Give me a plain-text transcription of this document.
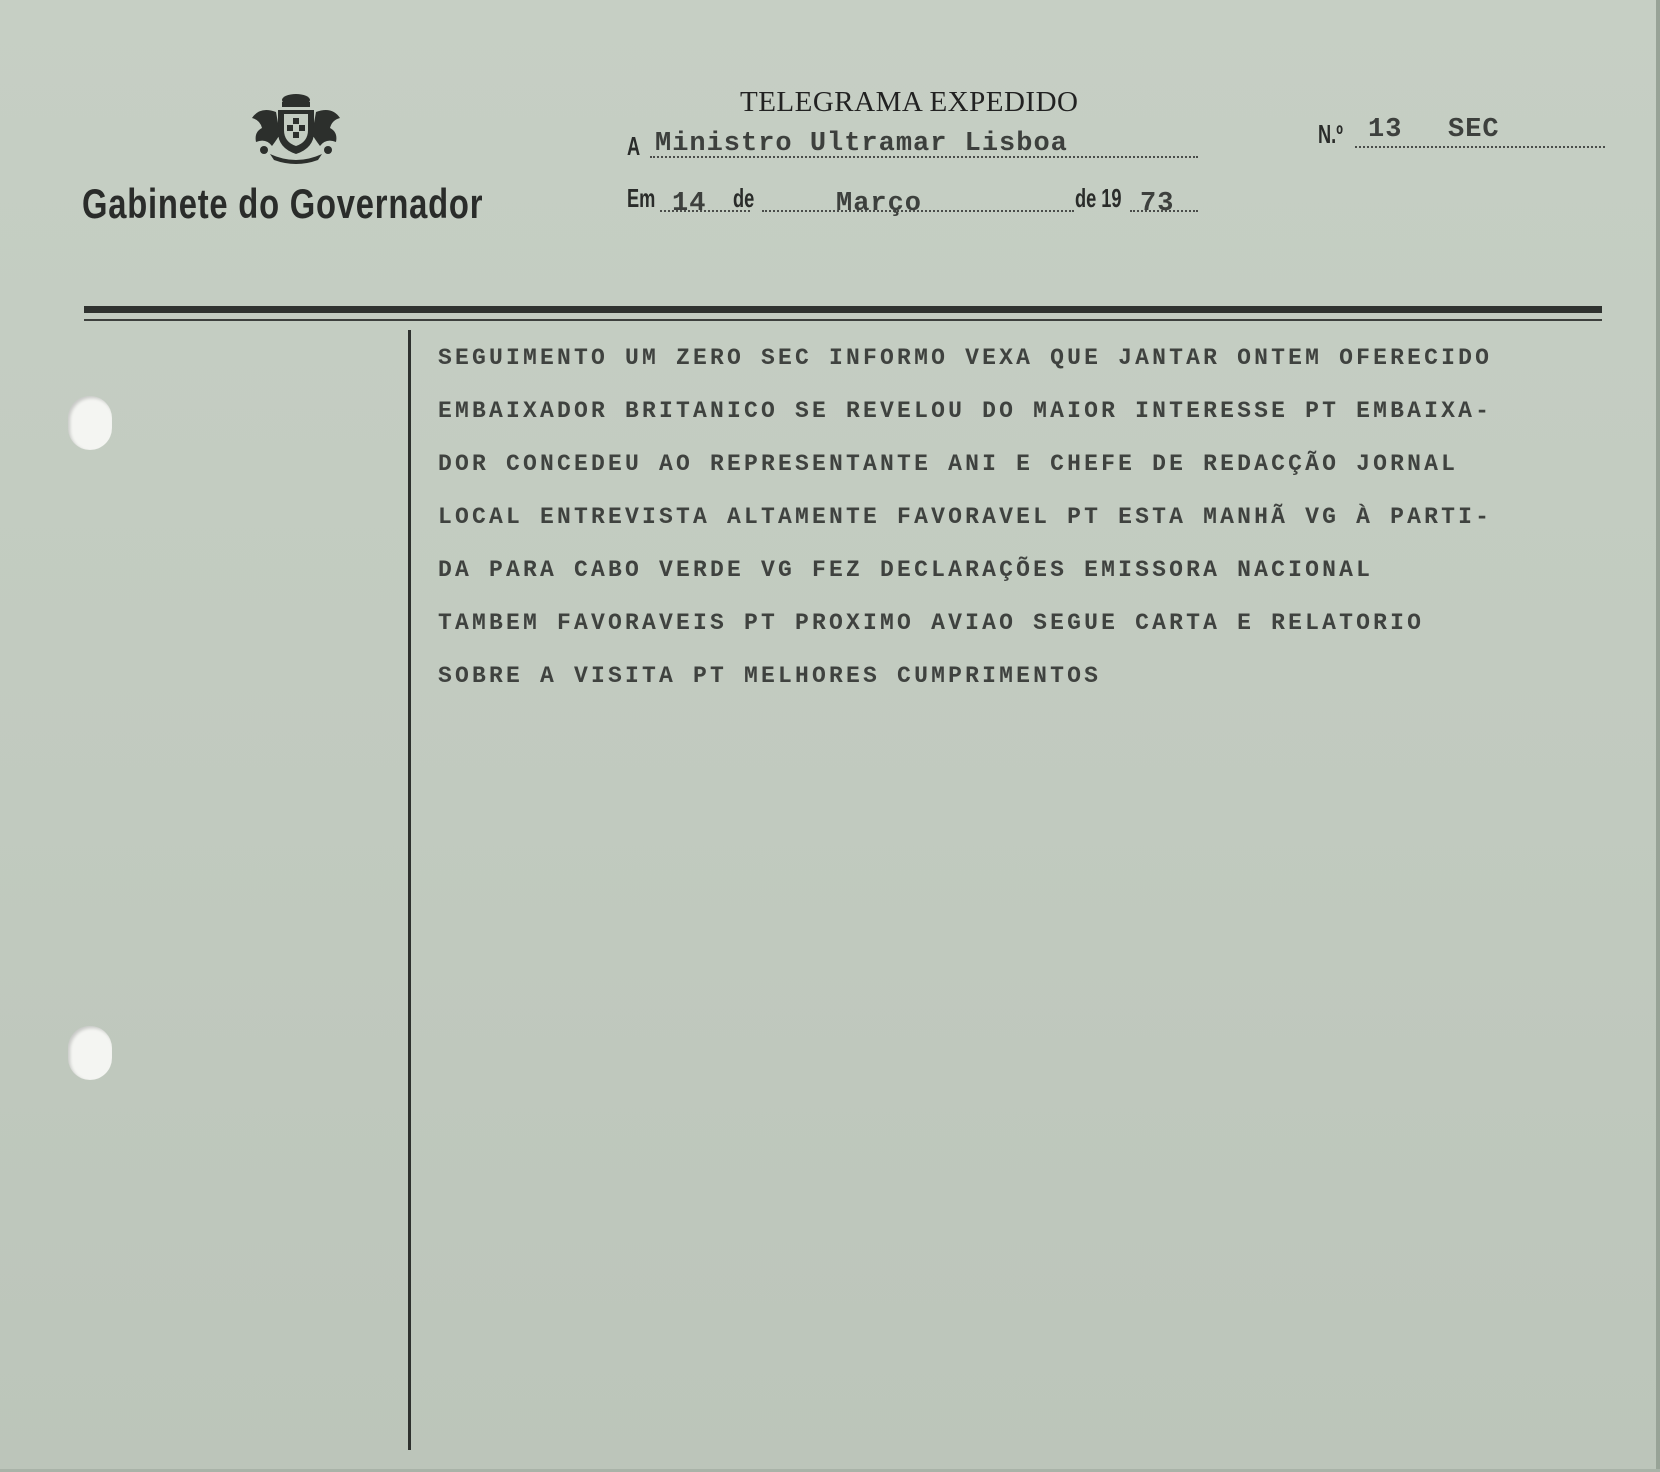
Gabinete do Governador
TELEGRAMA EXPEDIDO
A Ministro Ultramar Lisboa	N.º 13 SEC
Em 14 de	Março	de 19 73
SEGUIMENTO UM ZERO SEC INFORMO VEXA QUE JANTAR ONTEM OFERECIDO
EMBAIXADOR BRITANICO SE REVELOU DO MAIOR INTERESSE PT EMBAIXA-
DOR CONCEDEU AO REPRESENTANTE ANI E CHEFE DE REDACÇÃO JORNAL
LOCAL ENTREVISTA ALTAMENTE FAVORAVEL PT ESTA MANHÃ VG À PARTI-
DA PARA CABO VERDE VG FEZ DECLARAÇÕES EMISSORA NACIONAL
TAMBEM FAVORAVEIS PT PROXIMO AVIAO SEGUE CARTA E RELATORIO
SOBRE A VISITA PT MELHORES CUMPRIMENTOS
